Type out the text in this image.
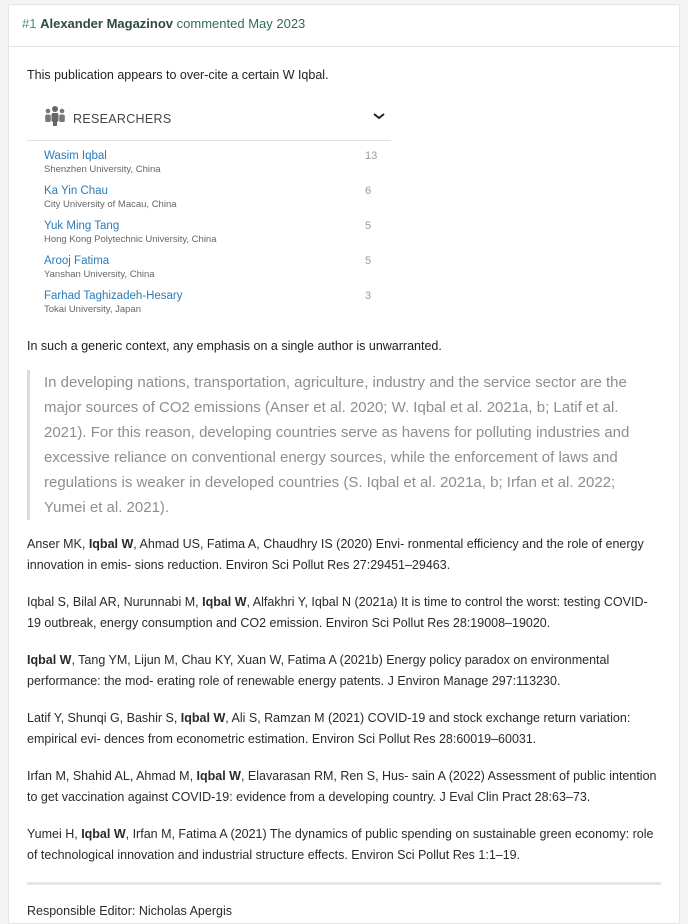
#1 Alexander Magazinov commented May 2023

This publication appears to over-cite a certain W Iqbal.

RESEARCHERS
Wasim Iqbal
Shenzhen University, China
13
Ka Yin Chau
City University of Macau, China
6
Yuk Ming Tang
Hong Kong Polytechnic University, China
5
Arooj Fatima
Yanshan University, China
5
Farhad Taghizadeh-Hesary
Tokai University, Japan
3

In such a generic context, any emphasis on a single author is unwarranted.

In developing nations, transportation, agriculture, industry and the service sector are the major sources of CO2 emissions (Anser et al. 2020; W. Iqbal et al. 2021a, b; Latif et al. 2021). For this reason, developing countries serve as havens for polluting industries and excessive reliance on conventional energy sources, while the enforcement of laws and regulations is weaker in developed countries (S. Iqbal et al. 2021a, b; Irfan et al. 2022; Yumei et al. 2021).

Anser MK, Iqbal W, Ahmad US, Fatima A, Chaudhry IS (2020) Envi- ronmental efficiency and the role of energy innovation in emis- sions reduction. Environ Sci Pollut Res 27:29451–29463.

Iqbal S, Bilal AR, Nurunnabi M, Iqbal W, Alfakhri Y, Iqbal N (2021a) It is time to control the worst: testing COVID-19 outbreak, energy consumption and CO2 emission. Environ Sci Pollut Res 28:19008–19020.

Iqbal W, Tang YM, Lijun M, Chau KY, Xuan W, Fatima A (2021b) Energy policy paradox on environmental performance: the mod- erating role of renewable energy patents. J Environ Manage 297:113230.

Latif Y, Shunqi G, Bashir S, Iqbal W, Ali S, Ramzan M (2021) COVID-19 and stock exchange return variation: empirical evi- dences from econometric estimation. Environ Sci Pollut Res 28:60019–60031.

Irfan M, Shahid AL, Ahmad M, Iqbal W, Elavarasan RM, Ren S, Hus- sain A (2022) Assessment of public intention to get vaccination against COVID-19: evidence from a developing country. J Eval Clin Pract 28:63–73.

Yumei H, Iqbal W, Irfan M, Fatima A (2021) The dynamics of public spending on sustainable green economy: role of technological innovation and industrial structure effects. Environ Sci Pollut Res 1:1–19.

Responsible Editor: Nicholas Apergis
